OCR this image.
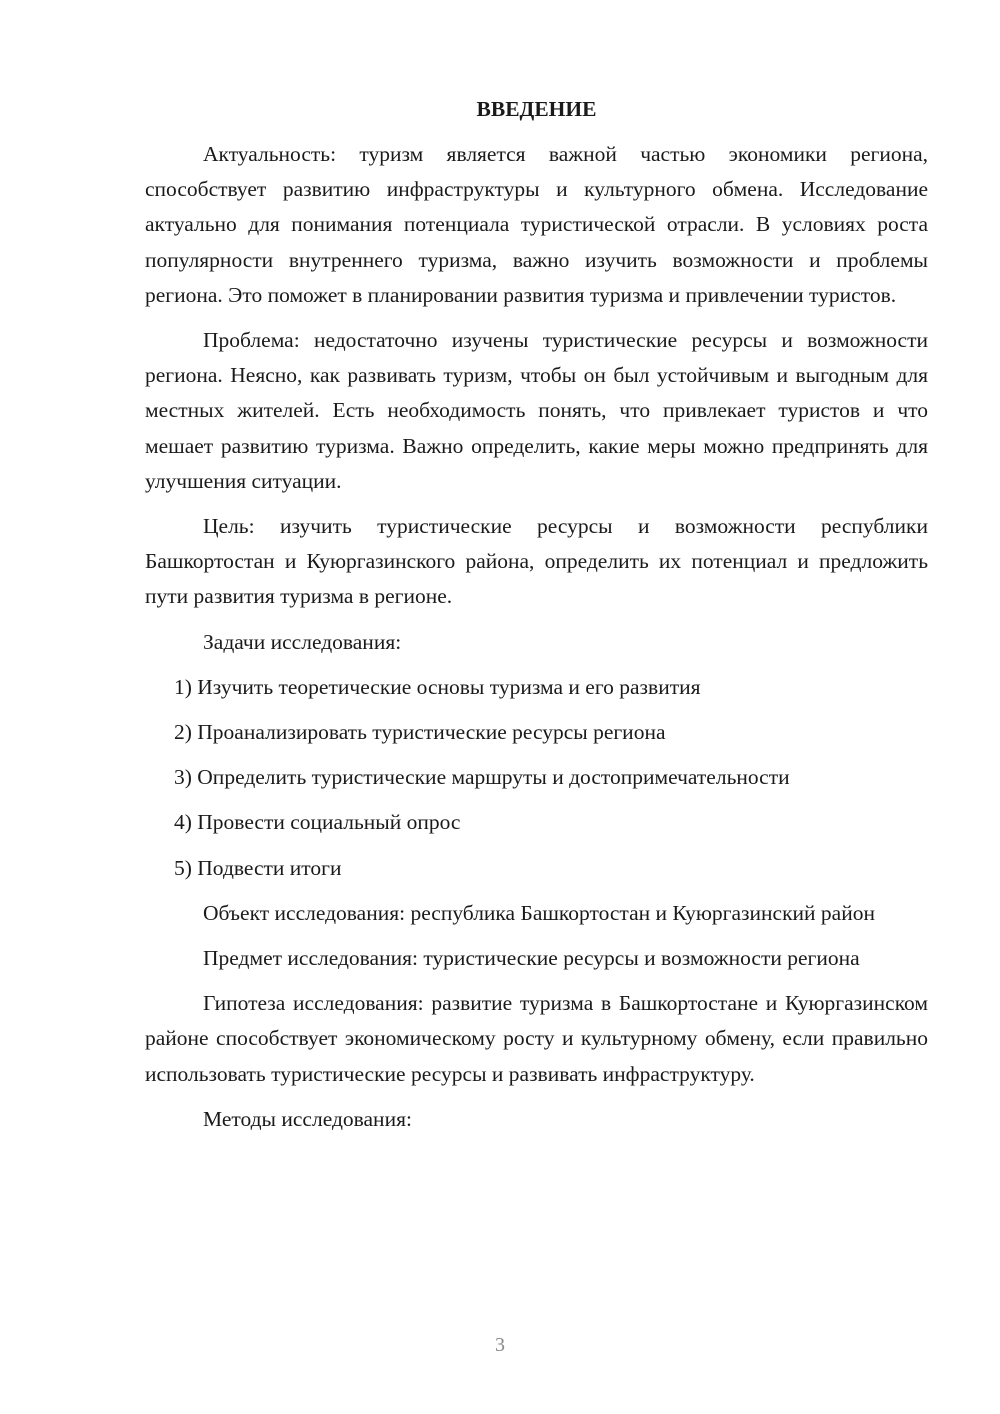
ВВЕДЕНИЕ

Актуальность: туризм является важной частью экономики региона, способствует развитию инфраструктуры и культурного обмена. Исследование актуально для понимания потенциала туристической отрасли. В условиях роста популярности внутреннего туризма, важно изучить возможности и проблемы региона. Это поможет в планировании развития туризма и привлечении туристов.

Проблема: недостаточно изучены туристические ресурсы и возможности региона. Неясно, как развивать туризм, чтобы он был устойчивым и выгодным для местных жителей. Есть необходимость понять, что привлекает туристов и что мешает развитию туризма. Важно определить, какие меры можно предпринять для улучшения ситуации.

Цель: изучить туристические ресурсы и возможности республики Башкортостан и Куюргазинского района, определить их потенциал и предложить пути развития туризма в регионе.

Задачи исследования:

1) Изучить теоретические основы туризма и его развития
2) Проанализировать туристические ресурсы региона
3) Определить туристические маршруты и достопримечательности
4) Провести социальный опрос
5) Подвести итоги

Объект исследования: республика Башкортостан и Куюргазинский район

Предмет исследования: туристические ресурсы и возможности региона

Гипотеза исследования: развитие туризма в Башкортостане и Куюргазинском районе способствует экономическому росту и культурному обмену, если правильно использовать туристические ресурсы и развивать инфраструктуру.

Методы исследования:

3
